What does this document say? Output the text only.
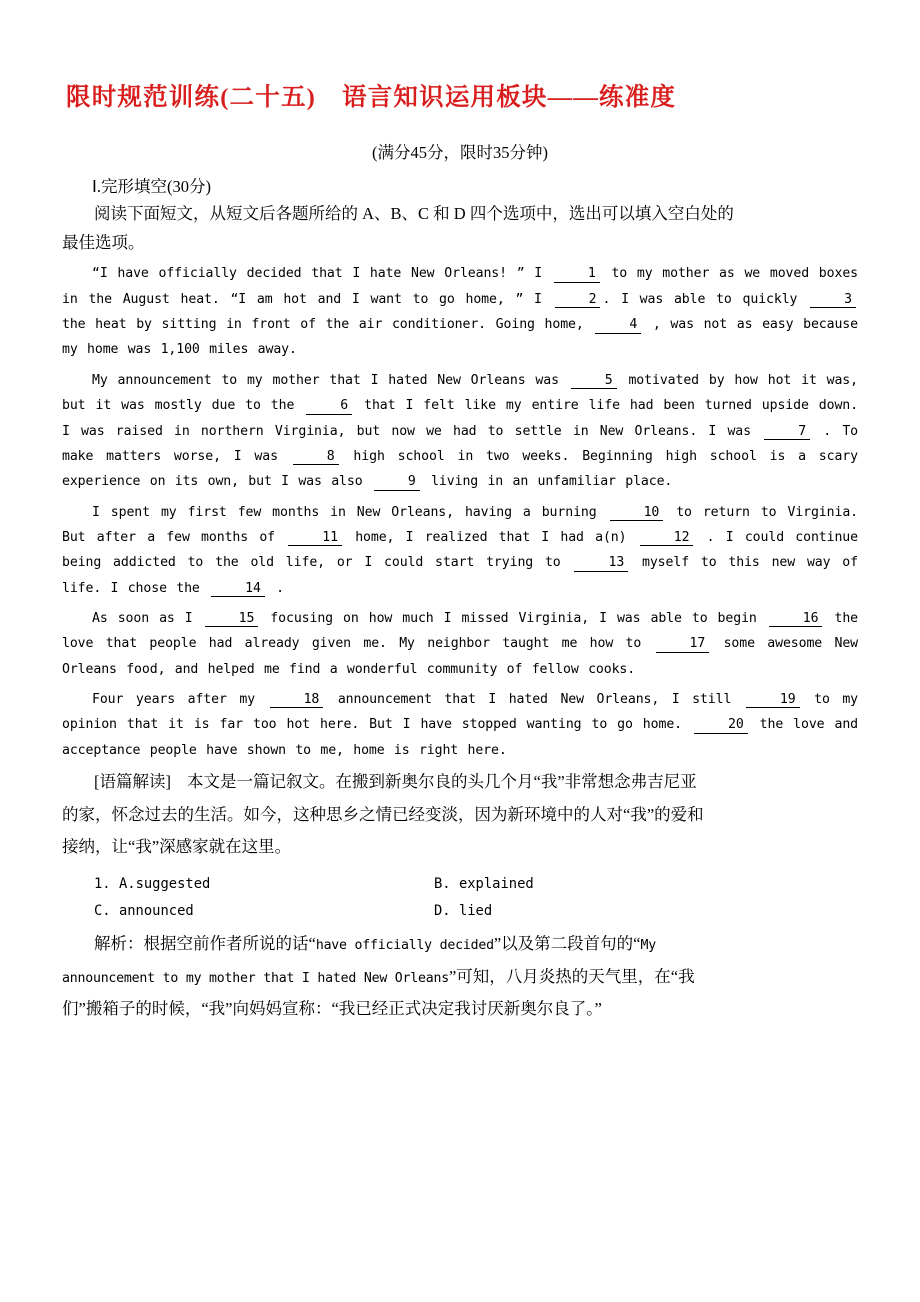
限时规范训练(二十五) 语言知识运用板块——练准度
(满分45分，限时35分钟)
Ⅰ.完形填空(30分)

阅读下面短文，从短文后各题所给的 A、B、C 和 D 四个选项中，选出可以填入空白处的

最佳选项。

“I have officially decided that I hate New Orleans! ” I	1 to my mother as we moved boxes in the August heat. “I am hot and I want to go home, ” I	2 . I was able to quickly	3 the heat by sitting in front of the air conditioner. Going home,	4 , was not as easy because my home was 1,100 miles away.

My announcement to my mother that I hated New Orleans was	5 motivated by how hot it was, but it was mostly due to the	6 that I felt like my entire life had been turned upside down. I was raised in northern Virginia, but now we had to settle in New Orleans. I was	7 . To make matters worse, I was	8 high school in two weeks. Beginning high school is a scary experience on its own, but I was also	9 living in an unfamiliar place.

I spent my first few months in New Orleans, having a burning	10 to return to Virginia. But after a few months of	11 home, I realized that I had a(n)	12 . I could continue being addicted to the old life, or I could start trying to	13 myself to this new way of life. I chose the	14 .

As soon as I	15 focusing on how much I missed Virginia, I was able to begin	16 the love that people had already given me. My neighbor taught me how to	17 some awesome New Orleans food, and helped me find a wonderful community of fellow cooks.

Four years after my	18 announcement that I hated New Orleans, I still	19 to my opinion that it is far too hot here. But I have stopped wanting to go home.	20 the love and acceptance people have shown to me, home is right here.

[语篇解读] 本文是一篇记叙文。在搬到新奥尔良的头几个月“我”非常想念弗吉尼亚

的家，怀念过去的生活。如今，这种思乡之情已经变淡，因为新环境中的人对“我”的爱和

接纳，让“我”深感家就在这里。

1. A.suggested	B. explained
C. announced	D. lied

解析：根据空前作者所说的话“have officially decided”以及第二段首句的“My

announcement to my mother that I hated New Orleans”可知，八月炎热的天气里，在“我

们”搬箱子的时候，“我”向妈妈宣称：“我已经正式决定我讨厌新奥尔良了。”
